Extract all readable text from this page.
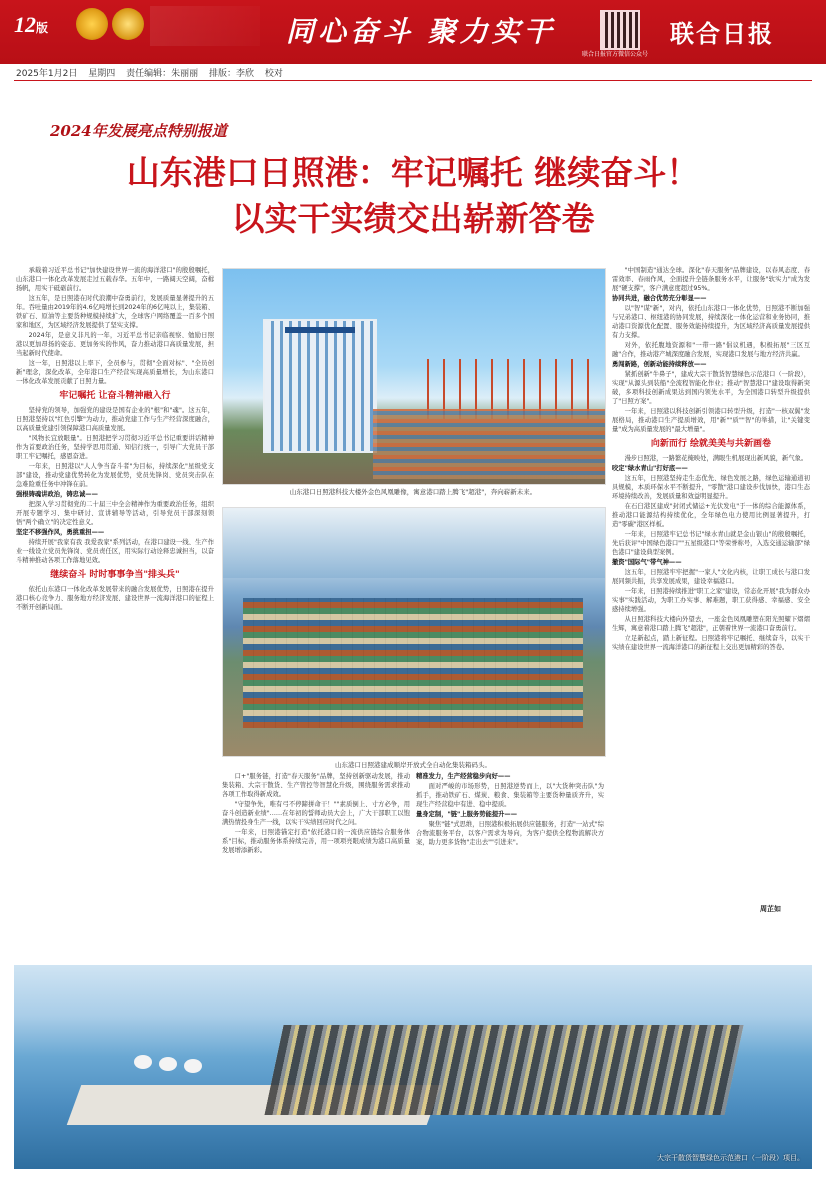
12版	同心奋斗 聚力实干
联合日报官方微信公众号
联合日报
2025年1月2日 星期四 责任编辑：朱丽丽 排版：李欣 校对
2024年发展亮点特别报道
山东港口日照港：牢记嘱托 继续奋斗！
以实干实绩交出崭新答卷

承载着习近平总书记"加快建设世界一流的海洋港口"的殷殷嘱托，山东港口一体化改革发展走过五载春华。五年中，一路阔天空阔，奋楫扬帆，用实干砥砺前行。

这五年，是日照港在时代浪潮中奋勇前行，发展质量显著提升的五年。吞吐量由2019年的4.6亿吨增长到2024年的6亿吨以上，集装箱、铁矿石、原油等主要货种规模持续扩大，全球客户网络覆盖一百多个国家和地区，为区域经济发展提供了坚实支撑。

2024年，是意义非凡的一年，习近平总书记亲临视察、勉励日照港以更加昂扬的姿态、更加务实的作风，奋力推动港口高质量发展，担当起新时代使命。

这一年，日照港以上率下，全员参与，贯彻"全面对标"、"全员创新"理念，深化改革，全年港口生产经营实现高质量增长，为山东港口一体化改革发展贡献了日照力量。

牢记嘱托 让奋斗精神融入行

坚持党的领导，加强党的建设是国有企业的"根"和"魂"。这五年，日照港坚持以"红色引擎"为动力，推动党建工作与生产经营深度融合，以高质量党建引领保障港口高质量发展。

"风物长宜放眼量"。日照港把学习贯彻习近平总书记重要讲话精神作为首要政治任务，坚持学思用贯通、知信行统一，引导广大党员干部职工牢记嘱托，感恩奋进。

一年来，日照港以"人人争当奋斗者"为目标，持续深化"星级党支部"建设，推动党建优势转化为发展优势，党员先锋岗、党员突击队在急难险重任务中冲锋在前。

强根铸魂讲政治，铸忠诚——

把深入学习贯彻党的二十届三中全会精神作为重要政治任务，组织开展专题学习、集中研讨、宣讲辅导等活动，引导党员干部深刻领悟"两个确立"的决定性意义。

坚定不移强作风，勇挑重担——

持续开展"我家有我 我爱我家"系列活动，在港口建设一线、生产作业一线设立党员先锋岗、党员责任区，用实际行动诠释忠诚担当，以奋斗精神推动各项工作落地见效。

继续奋斗 时时事事争当"排头兵"

依托山东港口一体化改革发展带来的融合发展优势，日照港在提升港口核心竞争力、服务地方经济发展、建设世界一流海洋港口的征程上不断开创新局面。

山东港口日照港科技大楼外金色风凰雕像，寓意港口踏上腾飞"超港"，奔向崭新未来。
山东港口日照港建成顺岸开放式全自动化集装箱码头。

口+"服务链，打造"春天服务"品牌，坚持创新驱动发展，推动集装箱、大宗干散货、生产管控等智慧化升级，围绕服务需求推动各项工作取得新成效。

"守望争先，唯有弓不停蹄拼命干！""素质倒上、寸方必争，用奋斗创造新业绩"……在年初的誓师动员大会上，广大干部职工以饱满热情投身生产一线，以实干实绩回应时代之问。

一年来，日照港锚定打造"依托港口的一流供应链综合服务体系"目标，推动服务体系持续完善，用一项项亮眼成绩为港口高质量发展增添新彩。

精准发力，生产经营稳步向好——

面对严峻的市场形势，日照港逆势而上，以"大货种突击队"为抓手，推动铁矿石、煤炭、粮食、集装箱等主要货种量质齐升，实现生产经营稳中有进、稳中提质。

量身定制，"链"上服务势能提升——

聚焦"链"式思维，日照港积极拓展供应链服务，打造"一站式"综合物流服务平台，以客户需求为导向，为客户提供全程物流解决方案，助力更多货物"走出去""引进来"。

"中国制造"通达全球。深化"春天服务"品牌建设，以春风态度、春雷效率、春雨作风，全面提升全链条服务水平，让服务"软实力"成为发展"硬支撑"，客户满意度超过95%。

协同共进，融合优势充分彰显——

以"智"谋"新"，对内，依托山东港口一体化优势，日照港不断加强与兄弟港口、枢纽港的协同发展，持续深化一体化运营和业务协同，推动港口资源优化配置、服务效能持续提升，为区域经济高质量发展提供有力支撑。

对外，依托腹地资源和"一带一路"倡议机遇，积极拓展"三区互融"合作，推动港产城深度融合发展，实现港口发展与地方经济共赢。

勇闯新路，创新动能持续释放——

紧抓创新"牛鼻子"，建成大宗干散货智慧绿色示范港口（一阶段），实现"从源头到装船"全流程智能化作业；推动"智慧港口"建设取得新突破，多项科技创新成果达到国内领先水平，为全国港口转型升级提供了"日照方案"。

一年来，日照港以科技创新引领港口转型升级，打造"一核双翼"发展格局，推动港口生产提质增效，用"新""质""智"的举措，让"关键变量"成为高质量发展的"最大增量"。

向新而行 绘就美美与共新画卷

漫步日照港，一路繁花掩映处，满眼生机展现出新风貌，新气象。

咬定"绿水青山"打好底——

这五年，日照港坚持走生态优先、绿色发展之路，绿色运输通道初具规模，本质环保水平不断提升，"零散"港口建设步伐加快，港口生态环境持续改善，发展质量和效益明显提升。

在石臼港区建成"封闭式储运+光伏发电"于一体的综合能源体系，推动港口能源结构持续优化，全年绿色电力使用比例显著提升，打造"零碳"港区样板。

一年来，日照港牢记总书记"绿水青山就是金山银山"的殷殷嘱托，先后获评"中国绿色港口""五星级港口"等荣誉称号，入选交通运输部"绿色港口"建设典型案例。

撤资"国际气"带气神——

这五年，日照港牢牢把握"一家人"文化内核，让职工成长与港口发展同频共振，共享发展成果，建设幸福港口。

一年来，日照港持续推进"职工之家"建设，常态化开展"我为群众办实事"实践活动，为职工办实事、解难题，职工获得感、幸福感、安全感持续增强。

从日照港科技大楼向外望去，一座金色凤凰雕塑在阳光照耀下熠熠生辉，寓意着港口踏上腾飞"超港"，正朝着世界一流港口奋勇前行。

立足新起点，踏上新征程。日照港将牢记嘱托、继续奋斗，以实干实绩在建设世界一流海洋港口的新征程上交出更加精彩的答卷。

周芷如
大宗干散货智慧绿色示范港口（一阶段）项目。
